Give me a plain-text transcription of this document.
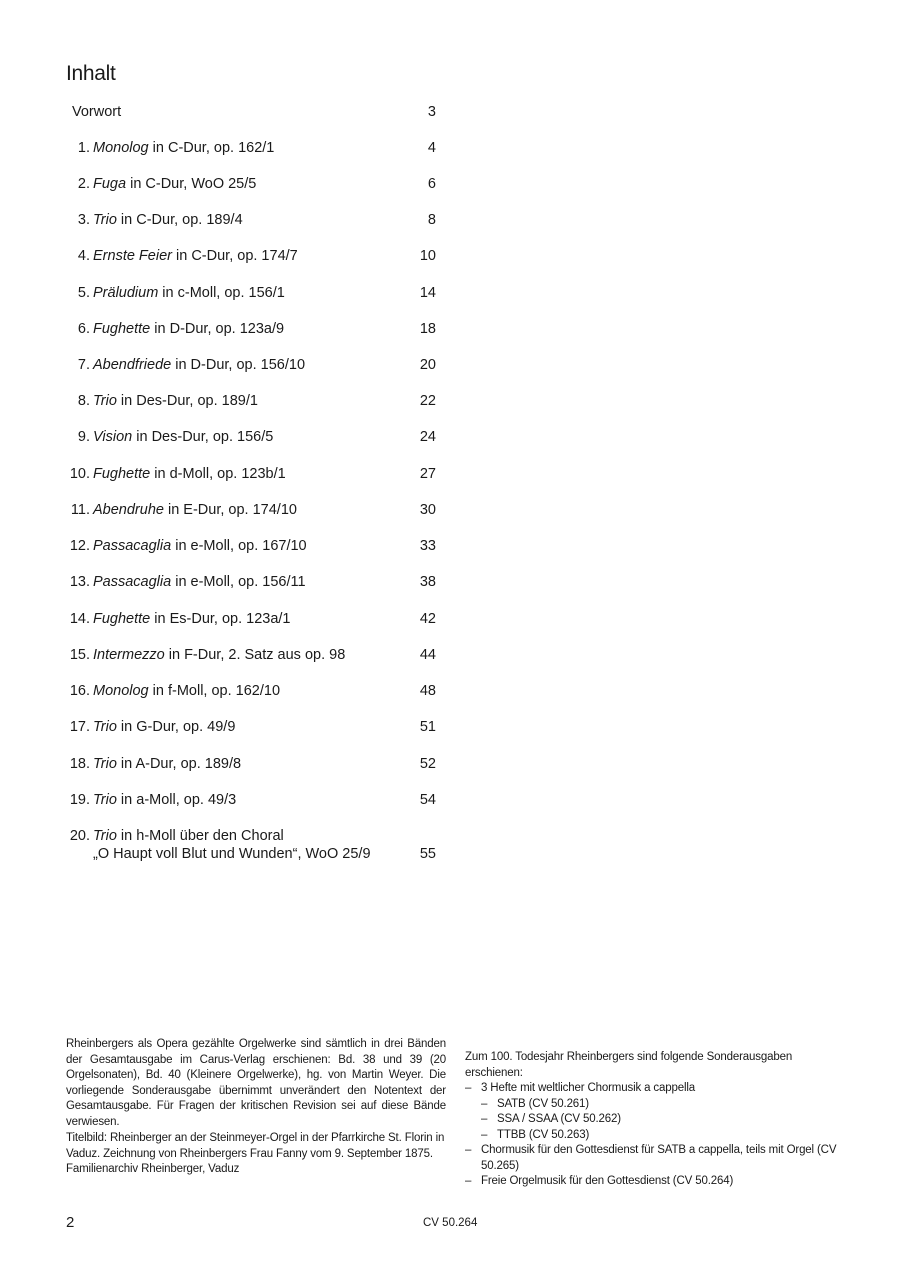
Inhalt
Vorwort	3
1. Monolog in C-Dur, op. 162/1	4
2. Fuga in C-Dur, WoO 25/5	6
3. Trio in C-Dur, op. 189/4	8
4. Ernste Feier in C-Dur, op. 174/7	10
5. Präludium in c-Moll, op. 156/1	14
6. Fughette in D-Dur, op. 123a/9	18
7. Abendfriede in D-Dur, op. 156/10	20
8. Trio in Des-Dur, op. 189/1	22
9. Vision in Des-Dur, op. 156/5	24
10. Fughette in d-Moll, op. 123b/1	27
11. Abendruhe in E-Dur, op. 174/10	30
12. Passacaglia in e-Moll, op. 167/10	33
13. Passacaglia in e-Moll, op. 156/11	38
14. Fughette in Es-Dur, op. 123a/1	42
15. Intermezzo in F-Dur, 2. Satz aus op. 98	44
16. Monolog in f-Moll, op. 162/10	48
17. Trio in G-Dur, op. 49/9	51
18. Trio in A-Dur, op. 189/8	52
19. Trio in a-Moll, op. 49/3	54
20. Trio in h-Moll über den Choral
„O Haupt voll Blut und Wunden“, WoO 25/9	55
Rheinbergers als Opera gezählte Orgelwerke sind sämtlich in drei Bänden der Gesamtausgabe im Carus-Verlag erschienen: Bd. 38 und 39 (20 Orgelsonaten), Bd. 40 (Kleinere Orgelwerke), hg. von Martin Weyer. Die vorliegende Sonderausgabe übernimmt unverändert den Notentext der Gesamtausgabe. Für Fragen der kritischen Revision sei auf diese Bände verwiesen.
Titelbild: Rheinberger an der Steinmeyer-Orgel in der Pfarrkirche St. Florin in Vaduz. Zeichnung von Rheinbergers Frau Fanny vom 9. September 1875. Familienarchiv Rheinberger, Vaduz
Zum 100. Todesjahr Rheinbergers sind folgende Sonderausgaben erschienen:
– 3 Hefte mit weltlicher Chormusik a cappella
– SATB (CV 50.261)
– SSA / SSAA (CV 50.262)
– TTBB (CV 50.263)
– Chormusik für den Gottesdienst für SATB a cappella, teils mit Orgel (CV 50.265)
– Freie Orgelmusik für den Gottesdienst (CV 50.264)
2	CV 50.264
